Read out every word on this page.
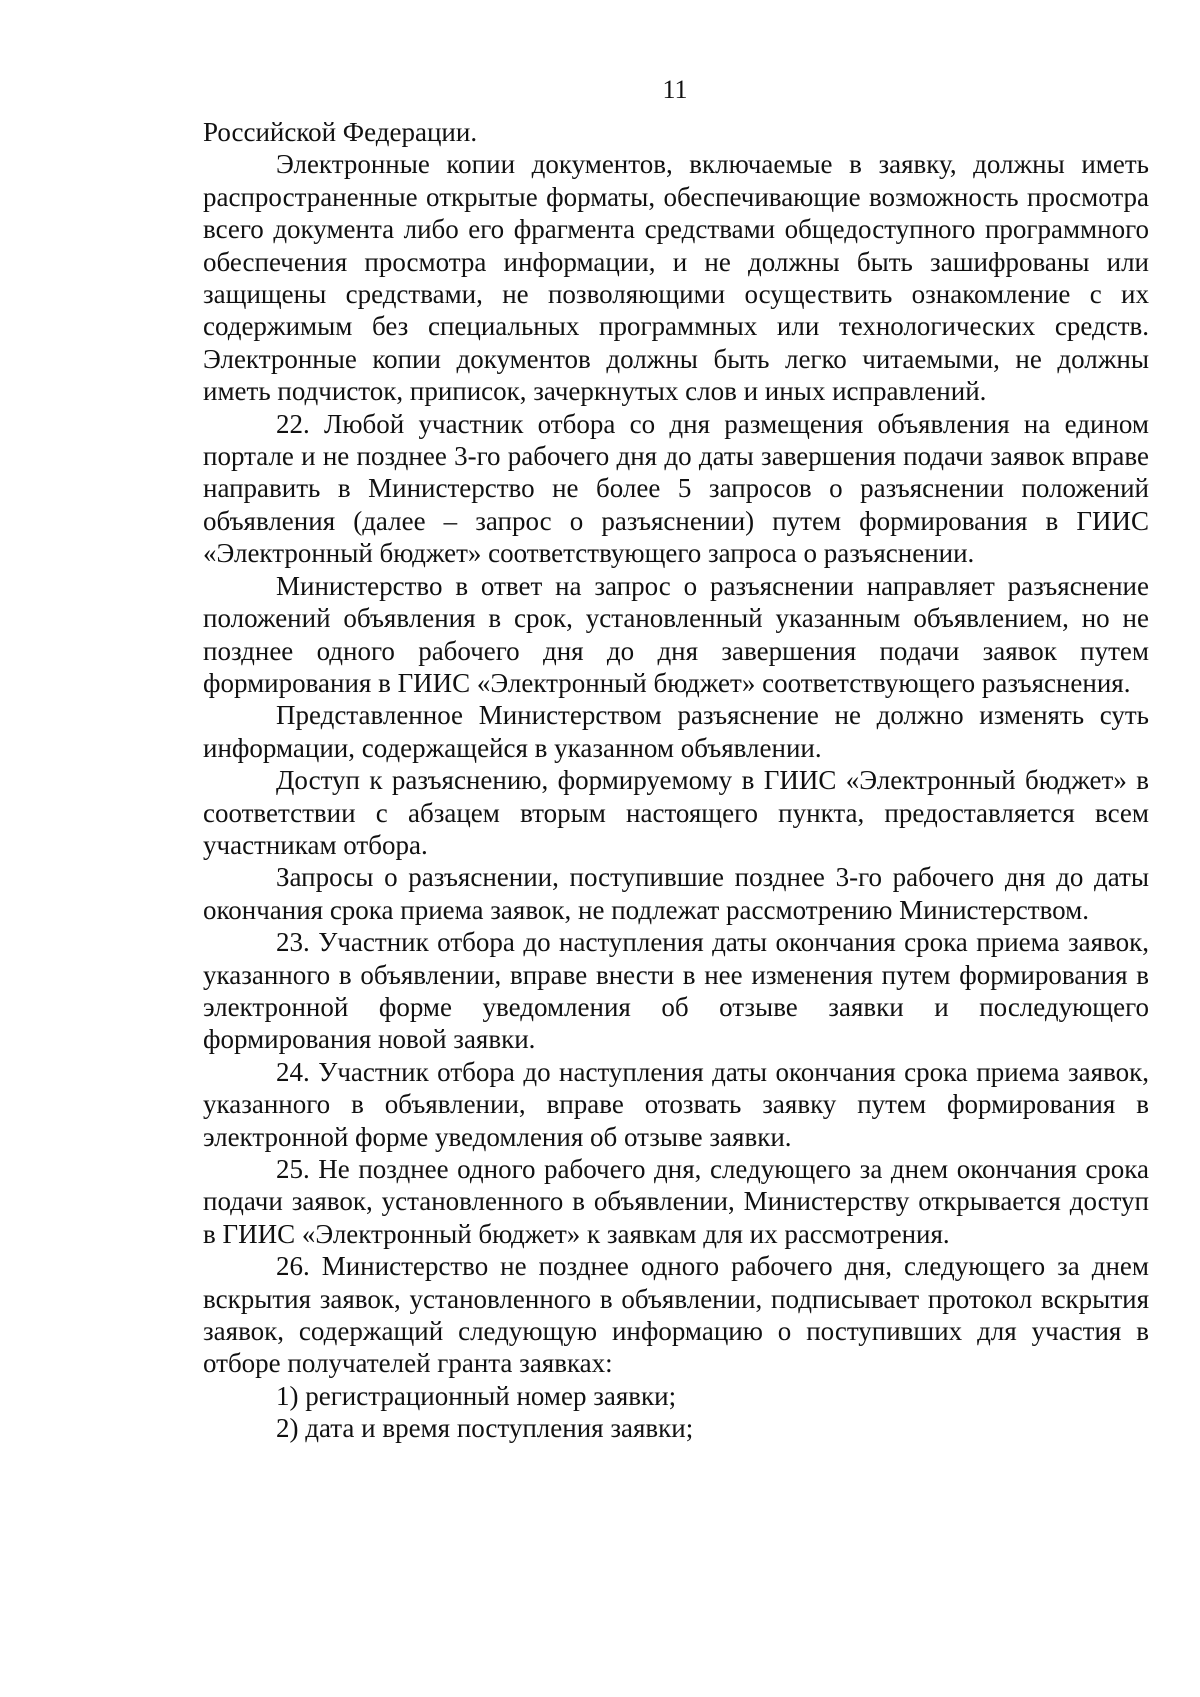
11

Российской Федерации.

Электронные копии документов, включаемые в заявку, должны иметь распространенные открытые форматы, обеспечивающие возможность просмотра всего документа либо его фрагмента средствами общедоступного программного обеспечения просмотра информации, и не должны быть зашифрованы или защищены средствами, не позволяющими осуществить ознакомление с их содержимым без специальных программных или технологических средств. Электронные копии документов должны быть легко читаемыми, не должны иметь подчисток, приписок, зачеркнутых слов и иных исправлений.

22. Любой участник отбора со дня размещения объявления на едином портале и не позднее 3-го рабочего дня до даты завершения подачи заявок вправе направить в Министерство не более 5 запросов о разъяснении положений объявления (далее – запрос о разъяснении) путем формирования в ГИИС «Электронный бюджет» соответствующего запроса о разъяснении.

Министерство в ответ на запрос о разъяснении направляет разъяснение положений объявления в срок, установленный указанным объявлением, но не позднее одного рабочего дня до дня завершения подачи заявок путем формирования в ГИИС «Электронный бюджет» соответствующего разъяснения.

Представленное Министерством разъяснение не должно изменять суть информации, содержащейся в указанном объявлении.

Доступ к разъяснению, формируемому в ГИИС «Электронный бюджет» в соответствии с абзацем вторым настоящего пункта, предоставляется всем участникам отбора.

Запросы о разъяснении, поступившие позднее 3-го рабочего дня до даты окончания срока приема заявок, не подлежат рассмотрению Министерством.

23. Участник отбора до наступления даты окончания срока приема заявок, указанного в объявлении, вправе внести в нее изменения путем формирования в электронной форме уведомления об отзыве заявки и последующего формирования новой заявки.

24. Участник отбора до наступления даты окончания срока приема заявок, указанного в объявлении, вправе отозвать заявку путем формирования в электронной форме уведомления об отзыве заявки.

25. Не позднее одного рабочего дня, следующего за днем окончания срока подачи заявок, установленного в объявлении, Министерству открывается доступ в ГИИС «Электронный бюджет» к заявкам для их рассмотрения.

26. Министерство не позднее одного рабочего дня, следующего за днем вскрытия заявок, установленного в объявлении, подписывает протокол вскрытия заявок, содержащий следующую информацию о поступивших для участия в отборе получателей гранта заявках:

1) регистрационный номер заявки;

2) дата и время поступления заявки;
